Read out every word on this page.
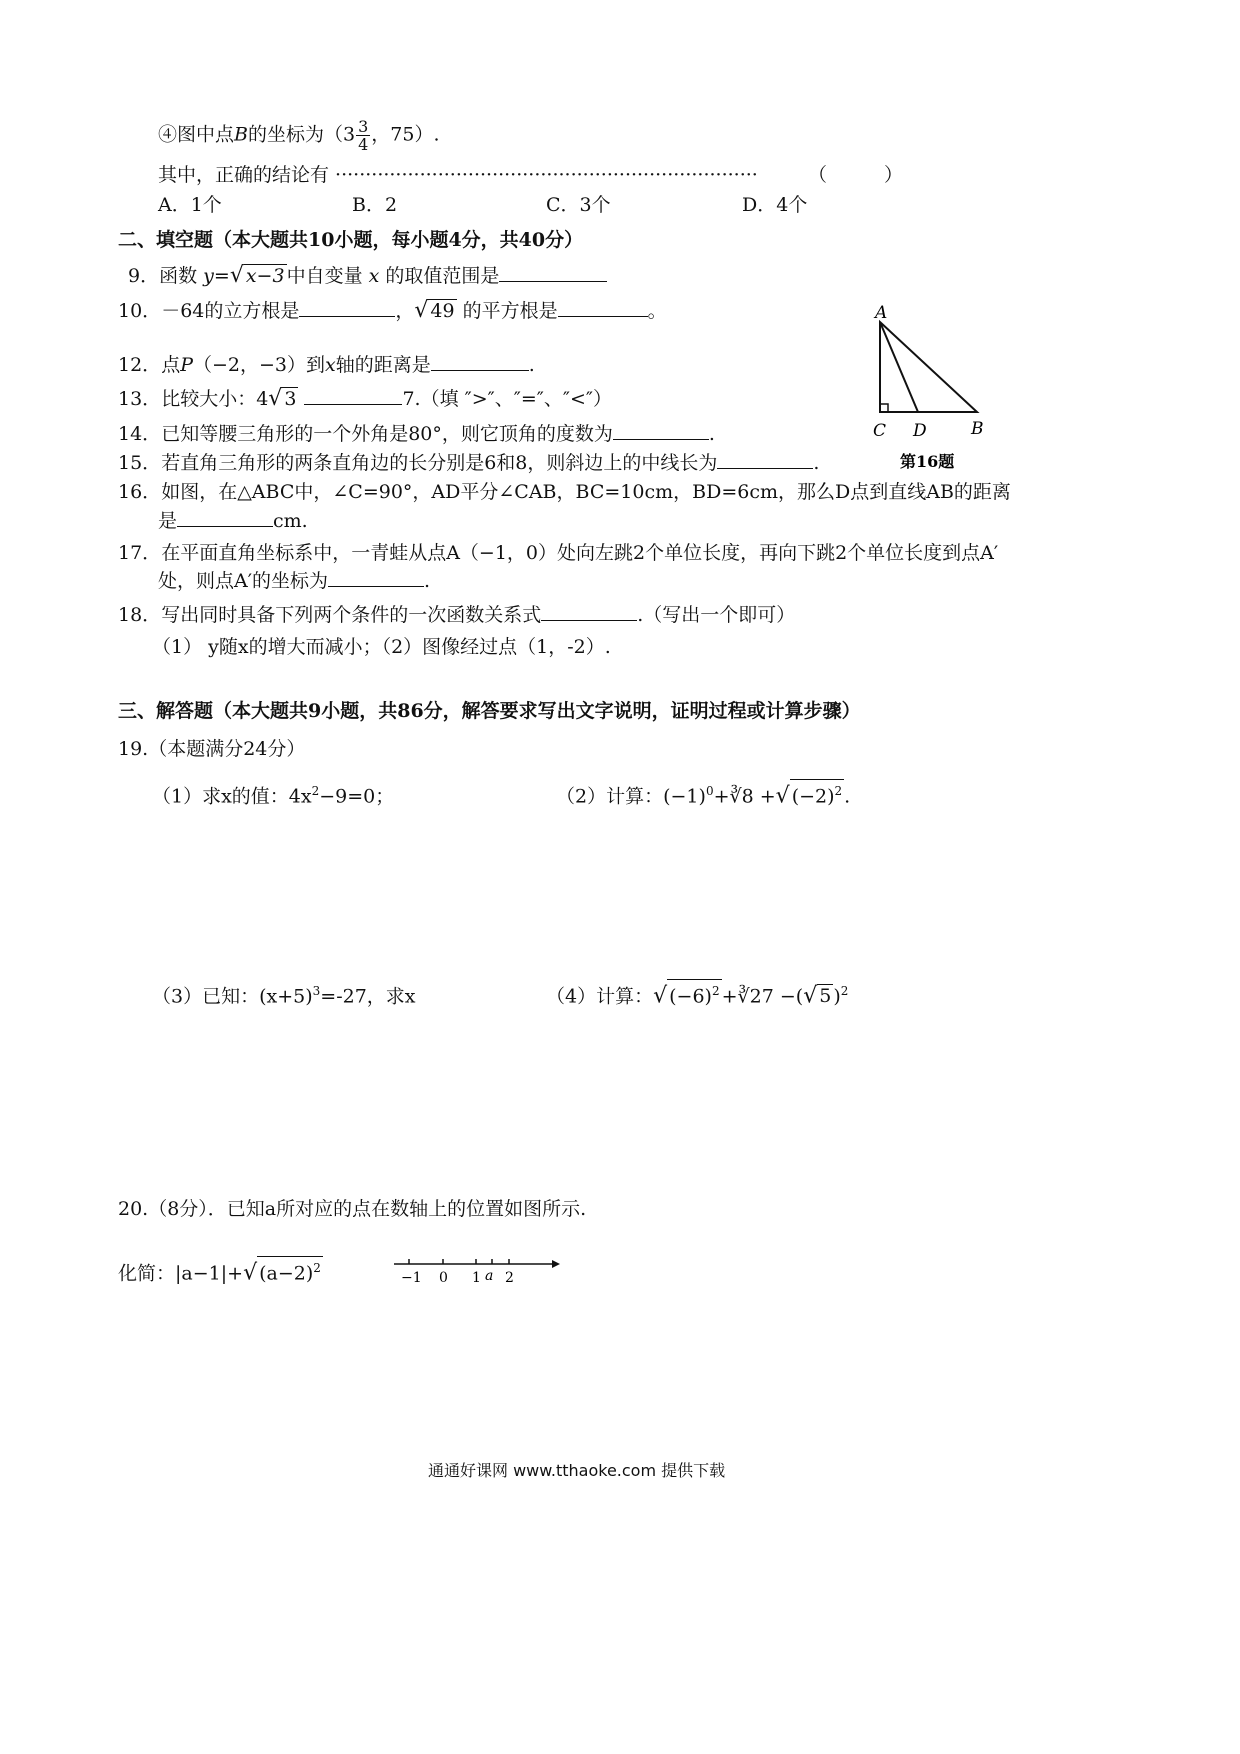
④图中点B的坐标为（$3 \frac{3}{4}$ ，75）.
其中，正确的结论有 ······································································	（　　　）
A．1个	B．2	C．3个	D．4个
二、填空题（本大题共10小题，每小题4分，共40分）
9．函数 y=√ x−3 中自变量 x 的取值范围是
10．－64的立方根是	，√ 49 的平方根是	。
12．点P（−2，−3）到x轴的距离是	.
13．比较大小：4√ 3	7.（填 ″>″、″=″、″<″）
14．已知等腰三角形的一个外角是80°，则它顶角的度数为	.
15．若直角三角形的两条直角边的长分别是6和8，则斜边上的中线长为	.
16．如图，在△ABC中，∠C=90°，AD平分∠CAB，BC=10cm，BD=6cm，那么D点到直线AB的距离
是	cm.
17．在平面直角坐标系中，一青蛙从点A（−1，0）处向左跳2个单位长度，再向下跳2个单位长度到点A′
处，则点A′的坐标为	.
18．写出同时具备下列两个条件的一次函数关系式	.（写出一个即可）
（1） y随x的增大而减小；（2）图像经过点（1，-2）.
A
C D	B
第16题
三、解答题（本大题共9小题，共86分，解答要求写出文字说明，证明过程或计算步骤）
19.（本题满分24分）
（1）求x的值：$4x^2-9=0$；	（2）计算：$(-1)^0+∛8$ +√ $(-2)^2$ .
（3）已知：$(x+5)^3=-27$，求x	（4）计算：√ $(-6)^2$ +∛27 −(√ 5 )$^2$
20.（8分）．已知a所对应的点在数轴上的位置如图所示.
化简：|a−1|+√ $(a-2)^2$
−1 0 1 a 2
通通好课网 www.tthaoke.com 提供下载
